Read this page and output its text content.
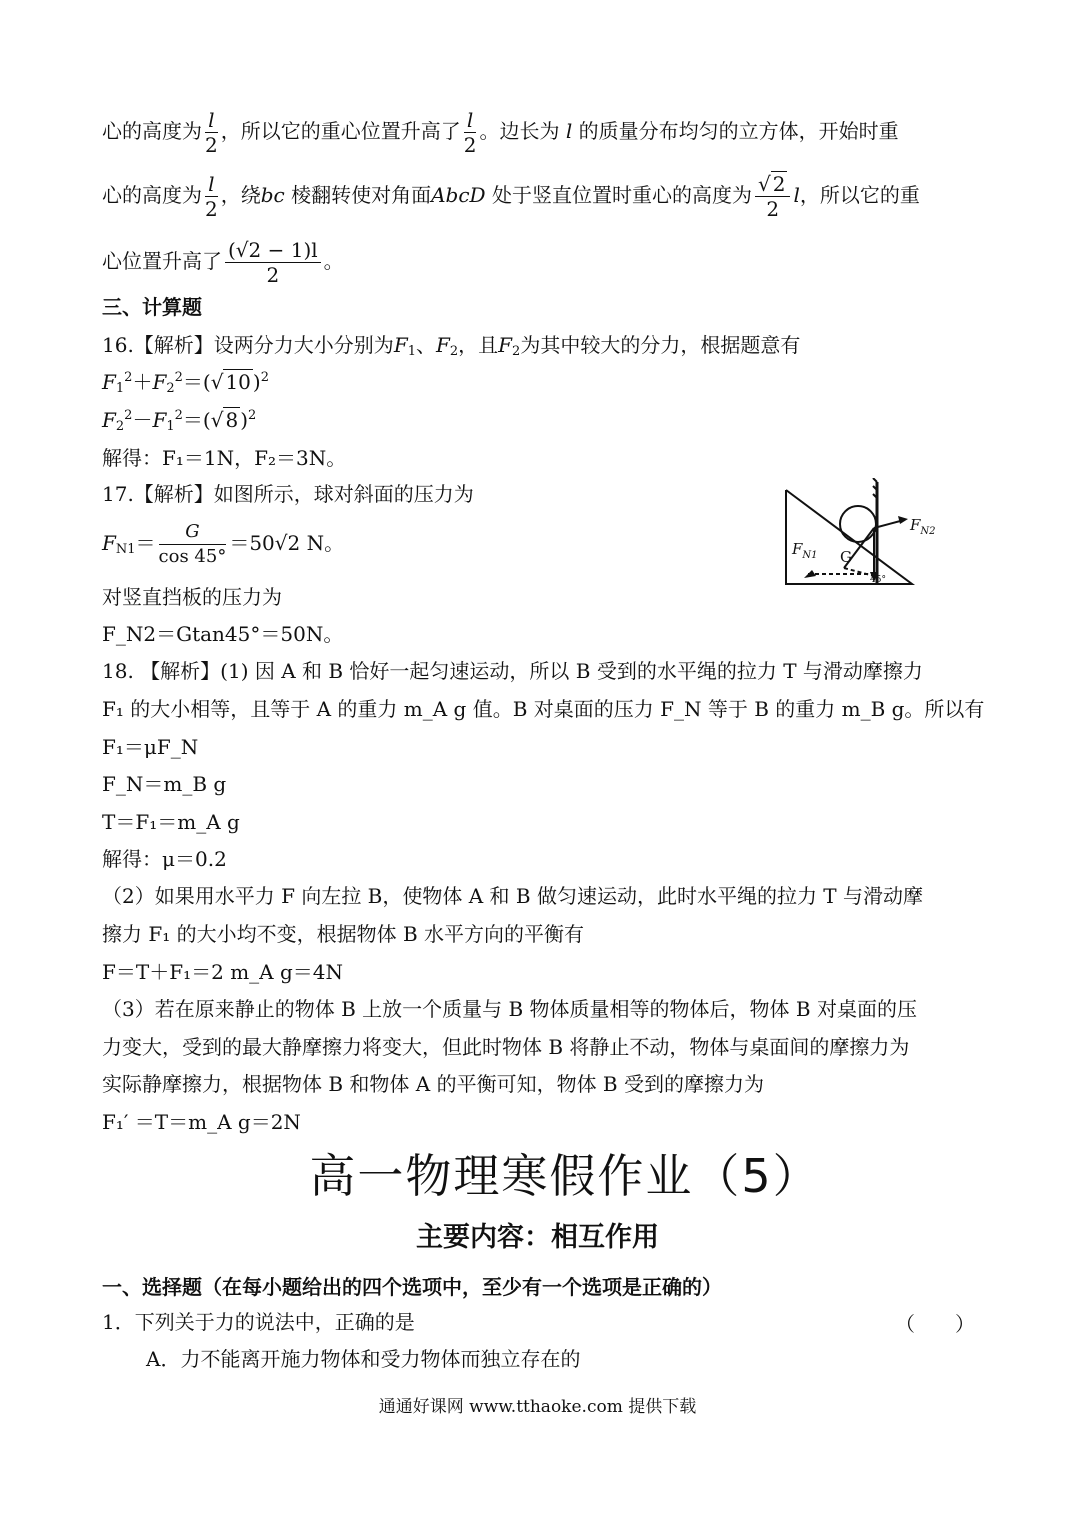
心的高度为 $\frac{l}{2}$ ，所以它的重心位置升高了 $\frac{l}{2}$ 。边长为 l 的质量分布均匀的立方体，开始时重
心的高度为 $\frac{l}{2}$ ，绕bc 棱翻转使对角面AbcD 处于竖直位置时重心的高度为 $\frac{√ 2}{2}$ l，所以它的重
心位置升高了 $\frac{(√2 - 1)l}{2}$ 。
三、计算题
16.【解析】设两分力大小分别为$F_1$、$F_2$，且$F_2$为其中较大的分力，根据题意有
$F_1^2+F_2^2=(√$ 10 )$^2$
$F_2^2-F_1^2=(√$ 8 )$^2$
解得：F₁＝1N，F₂＝3N。
17.【解析】如图所示，球对斜面的压力为
$F_{N1}= \frac{G}{\cos 45^\circ} =50√2$ N。
对竖直挡板的压力为
F_N2＝Gtan45°＝50N。
$F_{N1}$
$F_{N2}$
G
45°
18. 【解析】(1) 因 A 和 B 恰好一起匀速运动，所以 B 受到的水平绳的拉力 T 与滑动摩擦力
F₁ 的大小相等，且等于 A 的重力 m_A g 值。B 对桌面的压力 F_N 等于 B 的重力 m_B g。所以有
F₁＝μF_N
F_N＝m_B g
T＝F₁＝m_A g
解得：μ＝0.2
（2）如果用水平力 F 向左拉 B，使物体 A 和 B 做匀速运动，此时水平绳的拉力 T 与滑动摩
擦力 F₁ 的大小均不变，根据物体 B 水平方向的平衡有
F＝T＋F₁＝2 m_A g＝4N
（3）若在原来静止的物体 B 上放一个质量与 B 物体质量相等的物体后，物体 B 对桌面的压
力变大，受到的最大静摩擦力将变大，但此时物体 B 将静止不动，物体与桌面间的摩擦力为
实际静摩擦力，根据物体 B 和物体 A 的平衡可知，物体 B 受到的摩擦力为
F₁′ ＝T＝m_A g＝2N
高一物理寒假作业（5）
主要内容：相互作用
一、选择题（在每小题给出的四个选项中，至少有一个选项是正确的）
1．下列关于力的说法中，正确的是	（　　）
A．力不能离开施力物体和受力物体而独立存在的
通通好课网 www.tthaoke.com 提供下载
